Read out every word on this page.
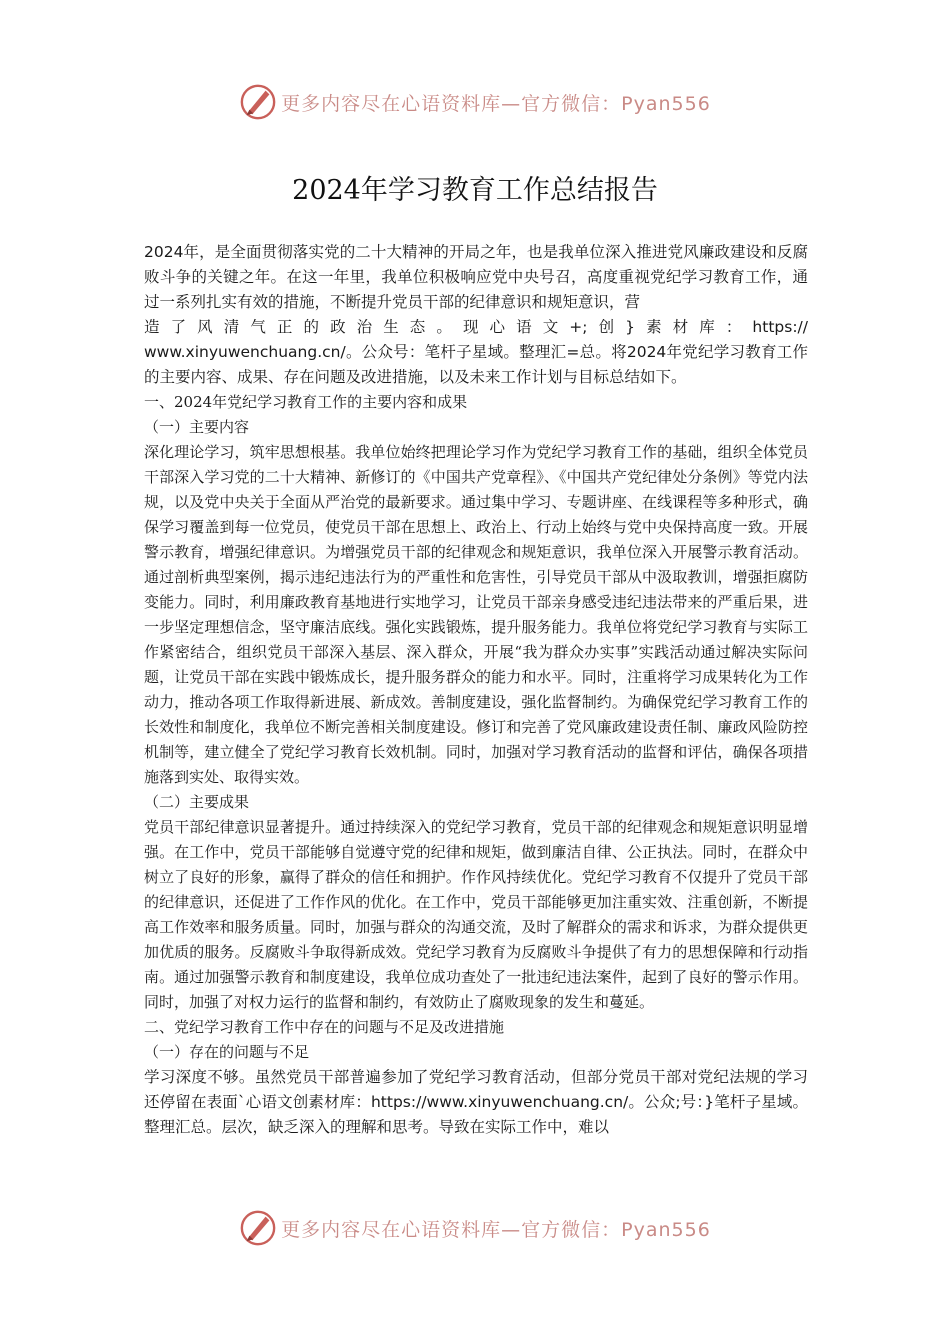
更多内容尽在心语资料库—官方微信：Pyan556
2024年学习教育工作总结报告

2024年，是全面贯彻落实党的二十大精神的开局之年，也是我单位深入推进党风廉政建设和反腐败斗争的关键之年。在这一年里，我单位积极响应党中央号召，高度重视党纪学习教育工作，通过一系列扎实有效的措施，不断提升党员干部的纪律意识和规矩意识，营

造了风清气正的政治生态。现心语文+;创}素材库：https://

www.xinyuwenchuang.cn/。公众号：笔杆子星域。整理汇=总。将2024年党纪学习教育工作的主要内容、成果、存在问题及改进措施，以及未来工作计划与目标总结如下。

一、2024年党纪学习教育工作的主要内容和成果

（一）主要内容

深化理论学习，筑牢思想根基。我单位始终把理论学习作为党纪学习教育工作的基础，组织全体党员干部深入学习党的二十大精神、新修订的《中国共产党章程》、《中国共产党纪律处分条例》等党内法规，以及党中央关于全面从严治党的最新要求。通过集中学习、专题讲座、在线课程等多种形式，确保学习覆盖到每一位党员，使党员干部在思想上、政治上、行动上始终与党中央保持高度一致。开展警示教育，增强纪律意识。为增强党员干部的纪律观念和规矩意识，我单位深入开展警示教育活动。通过剖析典型案例，揭示违纪违法行为的严重性和危害性，引导党员干部从中汲取教训，增强拒腐防变能力。同时，利用廉政教育基地进行实地学习，让党员干部亲身感受违纪违法带来的严重后果，进一步坚定理想信念，坚守廉洁底线。强化实践锻炼，提升服务能力。我单位将党纪学习教育与实际工作紧密结合，组织党员干部深入基层、深入群众，开展“我为群众办实事”实践活动通过解决实际问题，让党员干部在实践中锻炼成长，提升服务群众的能力和水平。同时，注重将学习成果转化为工作动力，推动各项工作取得新进展、新成效。善制度建设，强化监督制约。为确保党纪学习教育工作的长效性和制度化，我单位不断完善相关制度建设。修订和完善了党风廉政建设责任制、廉政风险防控机制等，建立健全了党纪学习教育长效机制。同时，加强对学习教育活动的监督和评估，确保各项措施落到实处、取得实效。

（二）主要成果

党员干部纪律意识显著提升。通过持续深入的党纪学习教育，党员干部的纪律观念和规矩意识明显增强。在工作中，党员干部能够自觉遵守党的纪律和规矩，做到廉洁自律、公正执法。同时，在群众中树立了良好的形象，赢得了群众的信任和拥护。作作风持续优化。党纪学习教育不仅提升了党员干部的纪律意识，还促进了工作作风的优化。在工作中，党员干部能够更加注重实效、注重创新，不断提高工作效率和服务质量。同时，加强与群众的沟通交流，及时了解群众的需求和诉求，为群众提供更加优质的服务。反腐败斗争取得新成效。党纪学习教育为反腐败斗争提供了有力的思想保障和行动指南。通过加强警示教育和制度建设，我单位成功查处了一批违纪违法案件，起到了良好的警示作用。同时，加强了对权力运行的监督和制约，有效防止了腐败现象的发生和蔓延。

二、党纪学习教育工作中存在的问题与不足及改进措施

（一）存在的问题与不足

学习深度不够。虽然党员干部普遍参加了党纪学习教育活动，但部分党员干部对党纪法规的学习还停留在表面`心语文创素材库：https://www.xinyuwenchuang.cn/。公众;号：}笔杆子星域。整理汇总。层次，缺乏深入的理解和思考。导致在实际工作中，难以

更多内容尽在心语资料库—官方微信：Pyan556
